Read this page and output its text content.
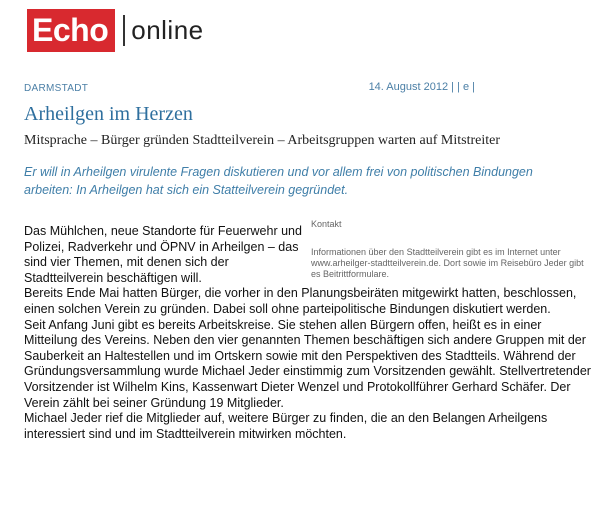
Echo online
DARMSTADT	14. August 2012 | | e |
Arheilgen im Herzen
Mitsprache – Bürger gründen Stadtteilverein – Arbeitsgruppen warten auf Mitstreiter

Er will in Arheilgen virulente Fragen diskutieren und vor allem frei von politischen Bindungen arbeiten: In Arheilgen hat sich ein Statteilverein gegründet.

Kontakt
Informationen über den Stadtteilverein gibt es im Internet unter www.arheilger-stadtteilverein.de. Dort sowie im Reisebüro Jeder gibt es Beitrittformulare.

Das Mühlchen, neue Standorte für Feuerwehr und Polizei, Radverkehr und ÖPNV in Arheilgen – das sind vier Themen, mit denen sich der Stadtteilverein beschäftigen will.

Bereits Ende Mai hatten Bürger, die vorher in den Planungsbeiräten mitgewirkt hatten, beschlossen, einen solchen Verein zu gründen. Dabei soll ohne parteipolitische Bindungen diskutiert werden.

Seit Anfang Juni gibt es bereits Arbeitskreise. Sie stehen allen Bürgern offen, heißt es in einer Mitteilung des Vereins. Neben den vier genannten Themen beschäftigen sich andere Gruppen mit der Sauberkeit an Haltestellen und im Ortskern sowie mit den Perspektiven des Stadtteils. Während der Gründungsversammlung wurde Michael Jeder einstimmig zum Vorsitzenden gewählt. Stellvertretender Vorsitzender ist Wilhelm Kins, Kassenwart Dieter Wenzel und Protokollführer Gerhard Schäfer. Der Verein zählt bei seiner Gründung 19 Mitglieder.

Michael Jeder rief die Mitglieder auf, weitere Bürger zu finden, die an den Belangen Arheilgens interessiert sind und im Stadtteilverein mitwirken möchten.
